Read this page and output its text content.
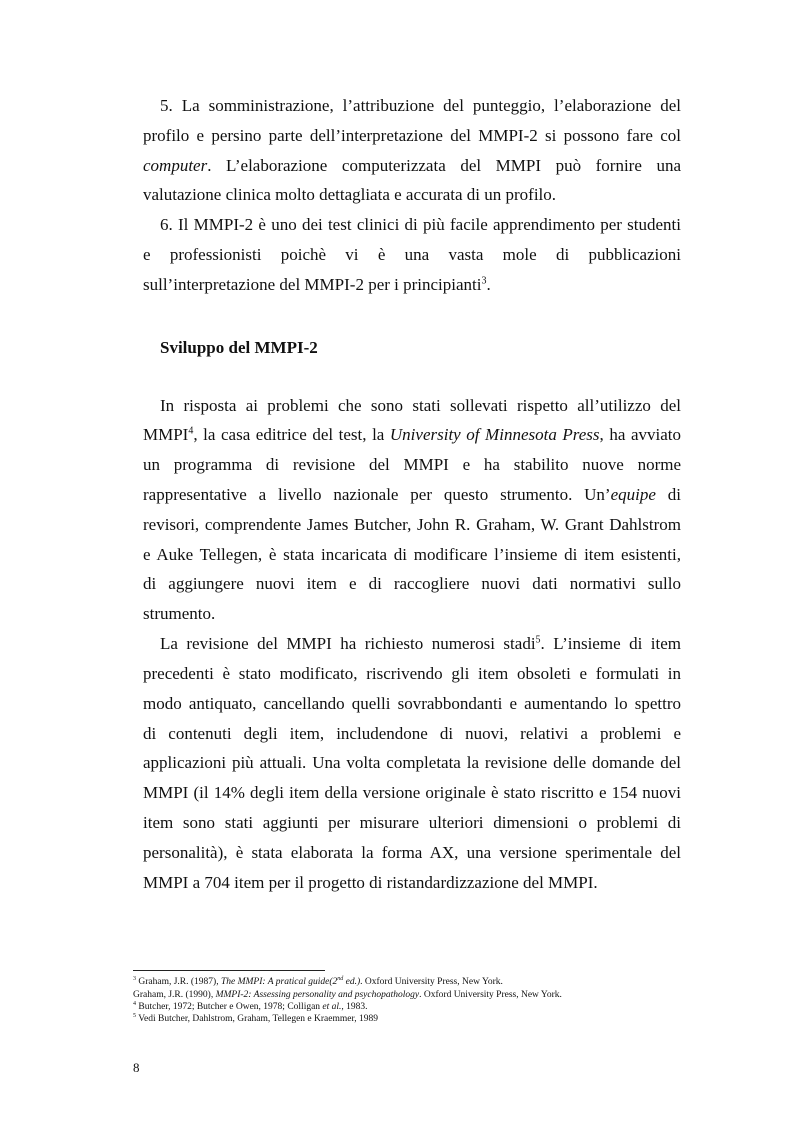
5. La somministrazione, l’attribuzione del punteggio, l’elaborazione del
profilo e persino parte dell’interpretazione del MMPI-2 si possono fare col
computer. L’elaborazione computerizzata del MMPI può fornire una
valutazione clinica molto dettagliata e accurata di un profilo.
6. Il MMPI-2 è uno dei test clinici di più facile apprendimento per studenti
e professionisti poichè vi è una vasta mole di pubblicazioni
sull’interpretazione del MMPI-2 per i principianti$^3$.
Sviluppo del MMPI-2
In risposta ai problemi che sono stati sollevati rispetto all’utilizzo del
MMPI$^4$, la casa editrice del test, la University of Minnesota Press, ha avviato
un programma di revisione del MMPI e ha stabilito nuove norme
rappresentative a livello nazionale per questo strumento. Un’equipe di
revisori, comprendente James Butcher, John R. Graham, W. Grant Dahlstrom
e Auke Tellegen, è stata incaricata di modificare l’insieme di item esistenti,
di aggiungere nuovi item e di raccogliere nuovi dati normativi sullo
strumento.
La revisione del MMPI ha richiesto numerosi stadi$^5$. L’insieme di item
precedenti è stato modificato, riscrivendo gli item obsoleti e formulati in
modo antiquato, cancellando quelli sovrabbondanti e aumentando lo spettro
di contenuti degli item, includendone di nuovi, relativi a problemi e
applicazioni più attuali. Una volta completata la revisione delle domande del
MMPI (il 14% degli item della versione originale è stato riscritto e 154 nuovi
item sono stati aggiunti per misurare ulteriori dimensioni o problemi di
personalità), è stata elaborata la forma AX, una versione sperimentale del
MMPI a 704 item per il progetto di ristandardizzazione del MMPI.
$^3$ Graham, J.R. (1987), The MMPI: A pratical guide(2nd ed.). Oxford University Press, New York.
Graham, J.R. (1990), MMPI-2: Assessing personality and psychopathology. Oxford University Press, New York.
$^4$ Butcher, 1972; Butcher e Owen, 1978; Colligan et al., 1983.
$^5$ Vedi Butcher, Dahlstrom, Graham, Tellegen e Kraemmer, 1989
8
